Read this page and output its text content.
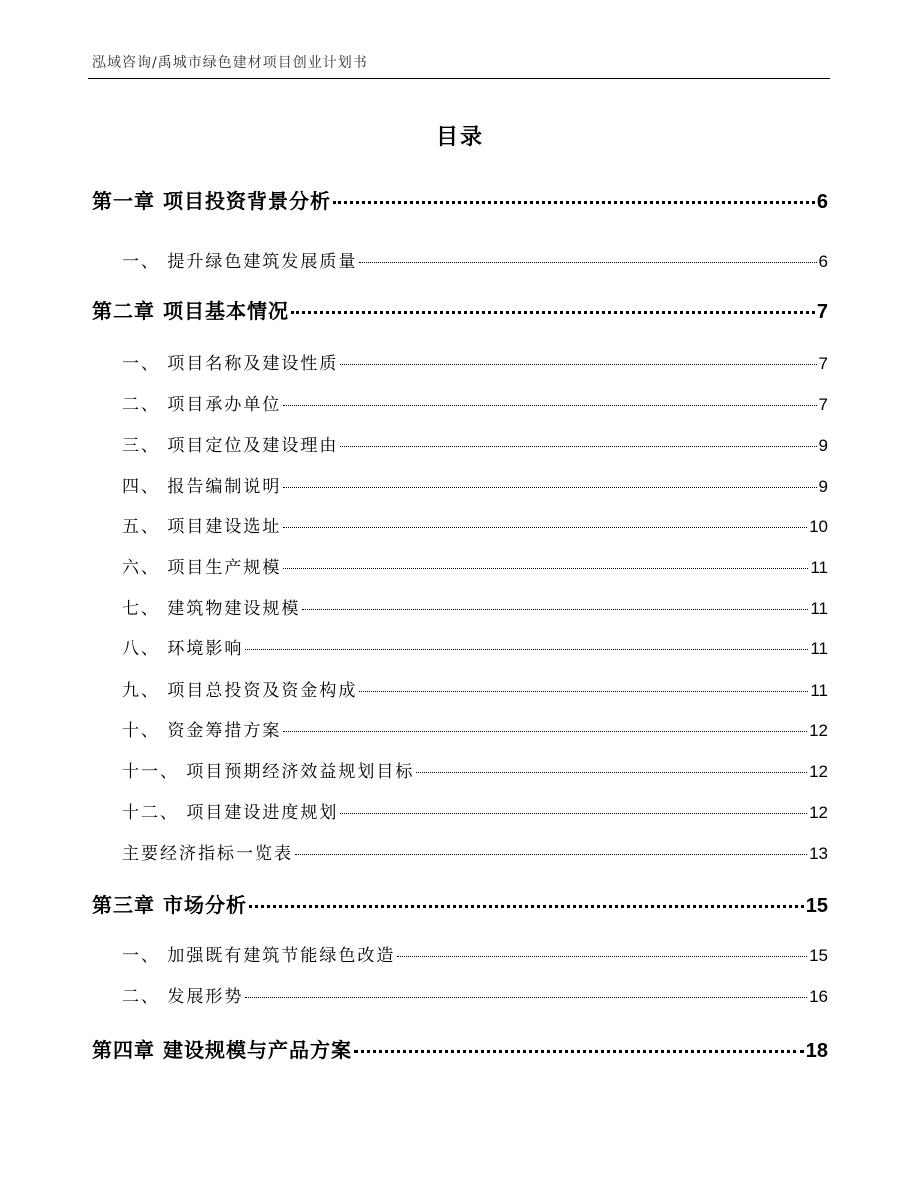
泓域咨询/禹城市绿色建材项目创业计划书
目录
第一章 项目投资背景分析	6
一、 提升绿色建筑发展质量	6
第二章 项目基本情况	7
一、 项目名称及建设性质	7
二、 项目承办单位	7
三、 项目定位及建设理由	9
四、 报告编制说明	9
五、 项目建设选址	10
六、 项目生产规模	11
七、 建筑物建设规模	11
八、 环境影响	11
九、 项目总投资及资金构成	11
十、 资金筹措方案	12
十一、 项目预期经济效益规划目标	12
十二、 项目建设进度规划	12
主要经济指标一览表	13
第三章 市场分析	15
一、 加强既有建筑节能绿色改造	15
二、 发展形势	16
第四章 建设规模与产品方案	18
